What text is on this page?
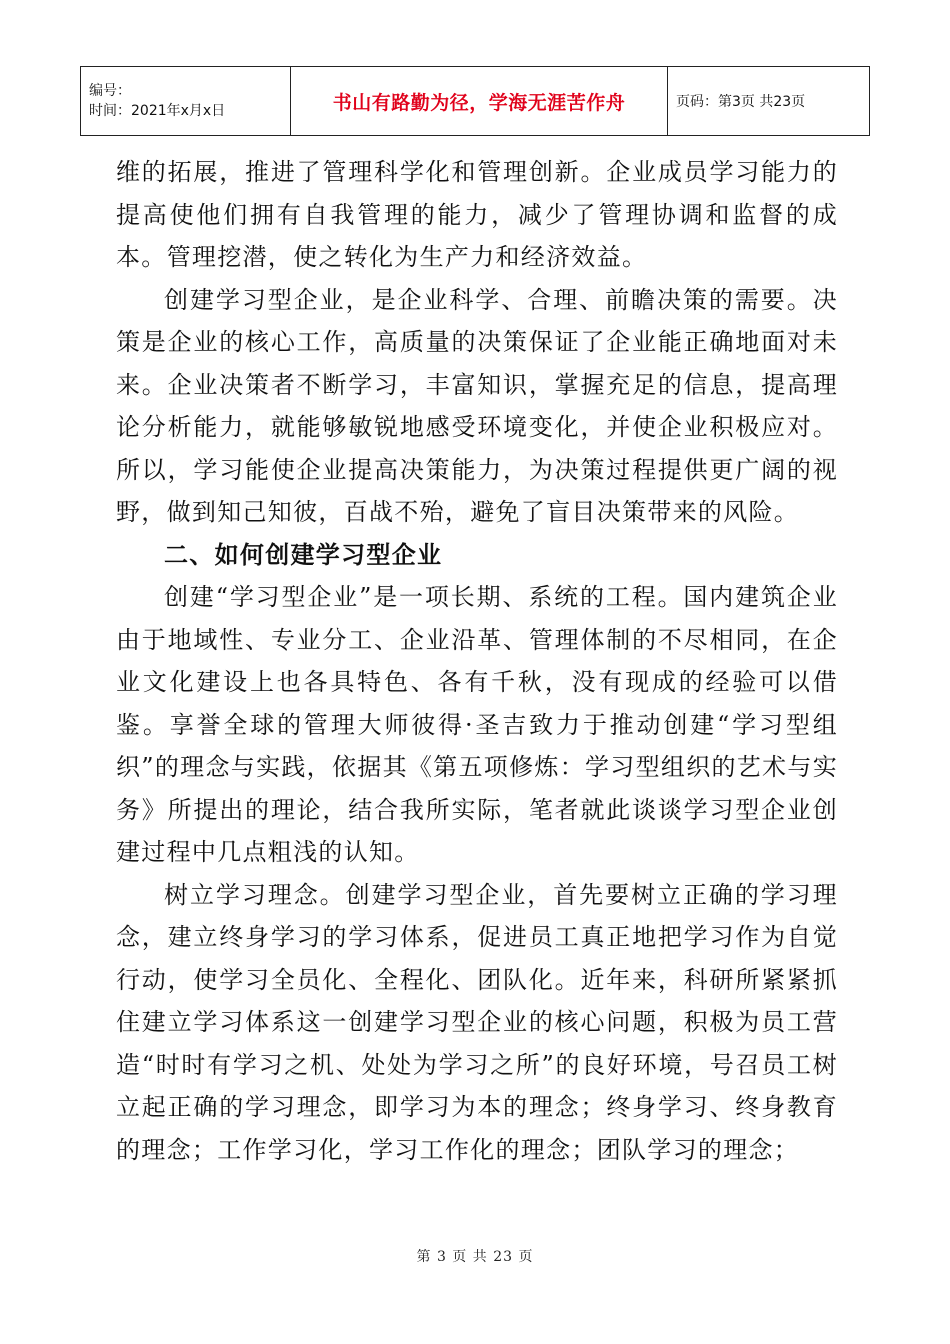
编号：
时间：2021年x月x日	书山有路勤为径，学海无涯苦作舟	页码：第3页 共23页

维的拓展，推进了管理科学化和管理创新。企业成员学习能力的提高使他们拥有自我管理的能力，减少了管理协调和监督的成本。管理挖潜，使之转化为生产力和经济效益。

创建学习型企业，是企业科学、合理、前瞻决策的需要。决策是企业的核心工作，高质量的决策保证了企业能正确地面对未来。企业决策者不断学习，丰富知识，掌握充足的信息，提高理论分析能力，就能够敏锐地感受环境变化，并使企业积极应对。所以，学习能使企业提高决策能力，为决策过程提供更广阔的视野，做到知己知彼，百战不殆，避免了盲目决策带来的风险。

二、如何创建学习型企业

创建“学习型企业”是一项长期、系统的工程。国内建筑企业由于地域性、专业分工、企业沿革、管理体制的不尽相同，在企业文化建设上也各具特色、各有千秋，没有现成的经验可以借鉴。享誉全球的管理大师彼得·圣吉致力于推动创建“学习型组织”的理念与实践，依据其《第五项修炼：学习型组织的艺术与实务》所提出的理论，结合我所实际，笔者就此谈谈学习型企业创建过程中几点粗浅的认知。

树立学习理念。创建学习型企业，首先要树立正确的学习理念，建立终身学习的学习体系，促进员工真正地把学习作为自觉行动，使学习全员化、全程化、团队化。近年来，科研所紧紧抓住建立学习体系这一创建学习型企业的核心问题，积极为员工营造“时时有学习之机、处处为学习之所”的良好环境，号召员工树立起正确的学习理念，即学习为本的理念；终身学习、终身教育的理念；工作学习化，学习工作化的理念；团队学习的理念；

第 3 页 共 23 页
